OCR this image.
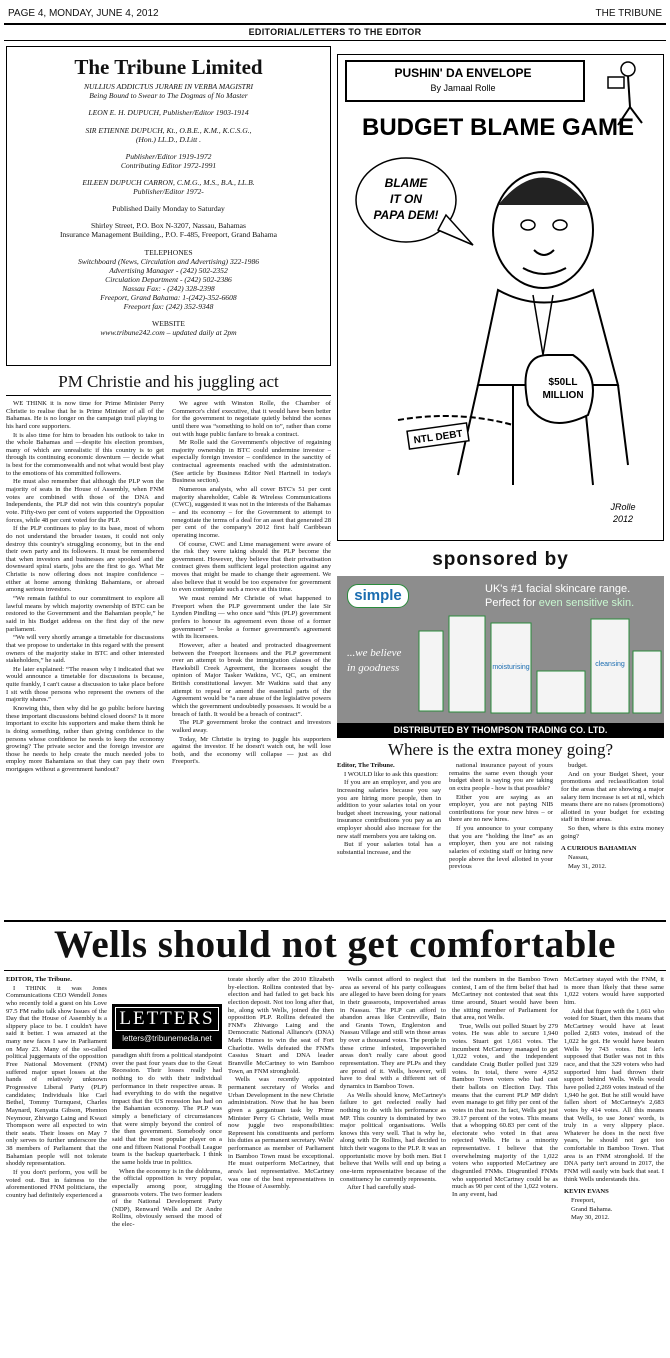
PAGE 4, MONDAY, JUNE 4, 2012	THE TRIBUNE
EDITORIAL/LETTERS TO THE EDITOR
The Tribune Limited

NULLIUS ADDICTUS JURARE IN VERBA MAGISTRI

Being Bound to Swear to The Dogmas of No Master

LEON E. H. DUPUCH, Publisher/Editor 1903-1914

SIR ETIENNE DUPUCH, Kt., O.B.E., K.M., K.C.S.G.,

(Hon.) LL.D., D.Litt .

Publisher/Editor 1919-1972

Contributing Editor 1972-1991

EILEEN DUPUCH CARRON, C.M.G., M.S., B.A., LL.B.

Publisher/Editor 1972-

Published Daily Monday to Saturday

Shirley Street, P.O. Box N-3207, Nassau, Bahamas

Insurance Management Building., P.O. F-485, Freeport, Grand Bahama

TELEPHONES

Switchboard (News, Circulation and Advertising) 322-1986

Advertising Manager - (242) 502-2352

Circulation Department - (242) 502-2386

Nassau Fax: - (242) 328-2398

Freeport, Grand Bahama: 1-(242)-352-6608

Freeport fax: (242) 352-9348

WEBSITE

www.tribune242.com – updated daily at 2pm

PM Christie and his juggling act

WE THINK it is now time for Prime Minister Perry Christie to realise that he is Prime Minister of all of the Bahamas. He is no longer on the campaign trail playing to his hard core supporters.

It is also time for him to broaden his outlook to take in the whole Bahamas and —despite his election promises, many of which are unrealistic if this country is to get through its continuing economic downturn — decide what is best for the commonwealth and not what would best play to the emotions of his committed followers.

He must also remember that although the PLP won the majority of seats in the House of Assembly, when FNM votes are combined with those of the DNA and Independents, the PLP did not win this country's popular vote. Fifty-two per cent of voters supported the Opposition forces, while 48 per cent voted for the PLP.

If the PLP continues to play to its base, most of whom do not understand the broader issues, it could not only destroy this country's struggling economy, but in the end their own party and its followers. It must be remembered that when investors and businesses are spooked and the downward spiral starts, jobs are the first to go. What Mr Christie is now offering does not inspire confidence – either at home among thinking Bahamians, or abroad among serious investors.

“We remain faithful to our commitment to explore all lawful means by which majority ownership of BTC can be restored to the Government and the Bahamian people,” he said in his Budget address on the first day of the new parliament.

“We will very shortly arrange a timetable for discussions that we propose to undertake in this regard with the present owners of the majority stake in BTC and other interested stakeholders,” he said.

He later explained: “The reason why I indicated that we would announce a timetable for discussions is because, quite frankly, I can't cause a discussion to take place before I sit with those persons who represent the owners of the majority shares.”

Knowing this, then why did he go public before having these important discussions behind closed doors? Is it more important to excite his supporters and make them think he is doing something, rather than giving confidence to the persons whose confidence he needs to keep the economy growing? The private sector and the foreign investor are those he needs to help create the much needed jobs to employ more Bahamians so that they can pay their own mortgages without a government handout?

We agree with Winston Rolle, the Chamber of Commerce's chief executive, that it would have been better for the government to negotiate quietly behind the scenes until there was “something to hold on to”, rather than come out with huge public fanfare to break a contract.

Mr Rolle said the Government's objective of regaining majority ownership in BTC could undermine investor – especially foreign investor – confidence in the sanctity of contractual agreements reached with the administration. (See article by Business Editor Neil Hartnell in today's Business section).

Numerous analysts, who all cover BTC's 51 per cent majority shareholder, Cable & Wireless Communications (CWC), suggested it was not in the interests of the Bahamas – and its economy – for the Government to attempt to renegotiate the terms of a deal for an asset that generated 28 per cent of the company's 2012 first half Caribbean operating income.

Of course, CWC and Lime management were aware of the risk they were taking should the PLP become the government. However, they believe that their privatisation contract gives them sufficient legal protection against any moves that might be made to change their agreement. We also believe that it would be too expensive for government to even contemplate such a move at this time.

We must remind Mr Christie of what happened to Freeport when the PLP government under the late Sir Lynden Pindling — who once said “this (PLP) government prefers to honour its agreement even those of a former government” – broke a former government's agreement with its licensees.

However, after a heated and protracted disagreement between the Freeport licensees and the PLP government over an attempt to break the immigration clauses of the Hawksbill Creek Agreement, the licensees sought the opinion of Major Tasker Watkins, VC, QC, an eminent British constitutional lawyer. Mr Watkins said that any attempt to repeal or amend the essential parts of the Agreement would be “a rare abuse of the legislative powers which the government undoubtedly possesses. It would be a breach of faith. It would be a breach of contract”.

The PLP government broke the contract and investors walked away.

Today, Mr Christie is trying to juggle his supporters against the investor. If he doesn't watch out, he will lose both, and the economy will collapse — just as did Freeport's.

PUSHIN' DA ENVELOPE
By Jamaal Rolle
BUDGET BLAME GAME
BLAME
IT ON
PAPA DEM!
$50LL
MILLION
NTL DEBT
JRolle
2012
sponsored by
simple	UK's #1 facial skincare range.
Perfect for even sensitive skin.
...we believe
in goodness	moisturising	cleansing
DISTRIBUTED BY THOMPSON TRADING CO. LTD.
Where is the extra money going?

Editor, The Tribune.

I WOULD like to ask this question:

If you are an employer, and you are increasing salaries because you say you are hiring more people, then in addition to your salaries total on your budget sheet increasing, your national insurance contributions you pay as an employer should also increase for the new staff members you are taking on.

But if your salaries total has a substantial increase, and the

national insurance payout of yours remains the same even though your budget sheet is saying you are taking on extra people - how is that possible?

Either you are saying as an employer, you are not paying NIB contributions for your new hires – or there are no new hires.

If you announce to your company that you are “holding the line” as an employer, then you are not raising salaries of existing staff or hiring new people above the level allotted in your previous

budget.

And on your Budget Sheet, your promotions and reclassification total for the areas that are showing a major salary item increase is set at nil, which means there are no raises (promotions) allotted in your budget for existing staff in those areas.

So then, where is this extra money going?

A CURIOUS BAHAMIAN

Nassau,

May 31, 2012.

Wells should not get comfortable

EDITOR, The Tribune.

I THINK it was Jones Communications CEO Wendell Jones who recently told a guest on his Love 97.5 FM radio talk show Issues of the Day that the House of Assembly is a slippery place to be. I couldn't have said it better. I was amazed at the many new faces I saw in Parliament on May 23. Many of the so-called political juggernauts of the opposition Free National Movement (FNM) suffered major upset losses at the hands of relatively unknown Progressive Liberal Party (PLP) candidates; Individuals like Carl Bethel, Tommy Turnquest, Charles Maynard, Kenyatta Gibson, Phenton Neymour, Zhivargo Laing and Kwazi Thompson were all expected to win their seats. Their losses on May 7 only serves to further underscore the 38 members of Parliament that the Bahamian people will not tolerate shoddy representation.

If you don't perform, you will be voted out. But in fairness to the aforementioned FNM politicians, the country had definitely experienced a

LETTERS
letters@tribunemedia.net

paradigm shift from a political standpoint over the past four years due to the Great Recession. Their losses really had nothing to do with their individual performance in their respective areas. It had everything to do with the negative impact that the US recession has had on the Bahamian economy. The PLP was simply a beneficiary of circumstances that were simply beyond the control of the then government. Somebody once said that the most popular player on a one and fifteen National Football League team is the backup quarterback. I think the same holds true in politics.

When the economy is in the doldrums, the official opposition is very popular, especially among poor, struggling grassroots voters. The two former leaders of the National Development Party (NDP), Renward Wells and Dr Andre Rollins, obviously sensed the mood of the elec-

torate shortly after the 2010 Elizabeth by-election. Rollins contested that by-election and had failed to get back his election deposit. Not too long after that, he, along with Wells, joined the then opposition PLP. Rollins defeated the FNM's Zhivargo Laing and the Democratic National Alliance's (DNA) Mark Humes to win the seat of Fort Charlotte. Wells defeated the FNM's Cassius Stuart and DNA leader Branville McCartney to win Bamboo Town, an FNM stronghold.

Wells was recently appointed permanent secretary of Works and Urban Development in the new Christie administration. Now that he has been given a gargantuan task by Prime Minister Perry G Christie, Wells must now juggle two responsibilities: Represent his constituents and perform his duties as permanent secretary. Wells' performance as member of Parliament in Bamboo Town must be exceptional. He must outperform McCartney, that area's last representative. McCartney was one of the best representatives in the House of Assembly.

Wells cannot afford to neglect that area as several of his party colleagues are alleged to have been doing for years in their grassroots, impoverished areas in Nassau. The PLP can afford to abandon areas like Centreville, Bain and Grants Town, Englerston and Nassau Village and still win those areas by over a thousand votes. The people in these crime infested, impoverished areas don't really care about good representation. They are PLPs and they are proud of it. Wells, however, will have to deal with a different set of dynamics in Bamboo Town.

As Wells should know, McCartney's failure to get reelected really had nothing to do with his performance as MP. This country is dominated by two major political organisations. Wells knows this very well. That is why he, along with Dr Rollins, had decided to hitch their wagons to the PLP. It was an opportunistic move by both men. But I believe that Wells will end up being a one-term representative because of the constituency he currently represents.

After I had carefully stud-

ied the numbers in the Bamboo Town contest, I am of the firm belief that had McCartney not contested that seat this time around, Stuart would have been the sitting member of Parliament for that area, not Wells.

True, Wells out polled Stuart by 279 votes. He was able to secure 1,940 votes. Stuart got 1,661 votes. The incumbent McCartney managed to get 1,022 votes, and the independent candidate Craig Butler polled just 329 votes. In total, there were 4,952 Bamboo Town voters who had cast their ballots on Election Day. This means that the current PLP MP didn't even manage to get fifty per cent of the votes in that race. In fact, Wells got just 39.17 percent of the votes. This means that a whopping 60.83 per cent of the electorate who voted in that area rejected Wells. He is a minority representative. I believe that the overwhelming majority of the 1,022 voters who supported McCartney are disgruntled FNMs. Disgruntled FNMs who supported McCartney could be as much as 90 per cent of the 1,022 voters. In any event, had

McCartney stayed with the FNM, it is more than likely that these same 1,022 voters would have supported him.

Add that figure with the 1,661 who voted for Stuart, then this means that McCartney would have at least polled 2,683 votes, instead of the 1,022 he got. He would have beaten Wells by 743 votes. But let's supposed that Butler was not in this race, and that the 329 voters who had supported him had thrown their support behind Wells. Wells would have polled 2,269 votes instead of the 1,940 he got. But he still would have fallen short of McCartney's 2,683 votes by 414 votes. All this means that Wells, to use Jones' words, is truly in a very slippery place. Whatever he does in the next five years, he should not get too comfortable in Bamboo Town. That area is an FNM stronghold. If the DNA party isn't around in 2017, the FNM will easily win back that seat. I think Wells understands this.

KEVIN EVANS

Freeport,

Grand Bahama.

May 30, 2012.
